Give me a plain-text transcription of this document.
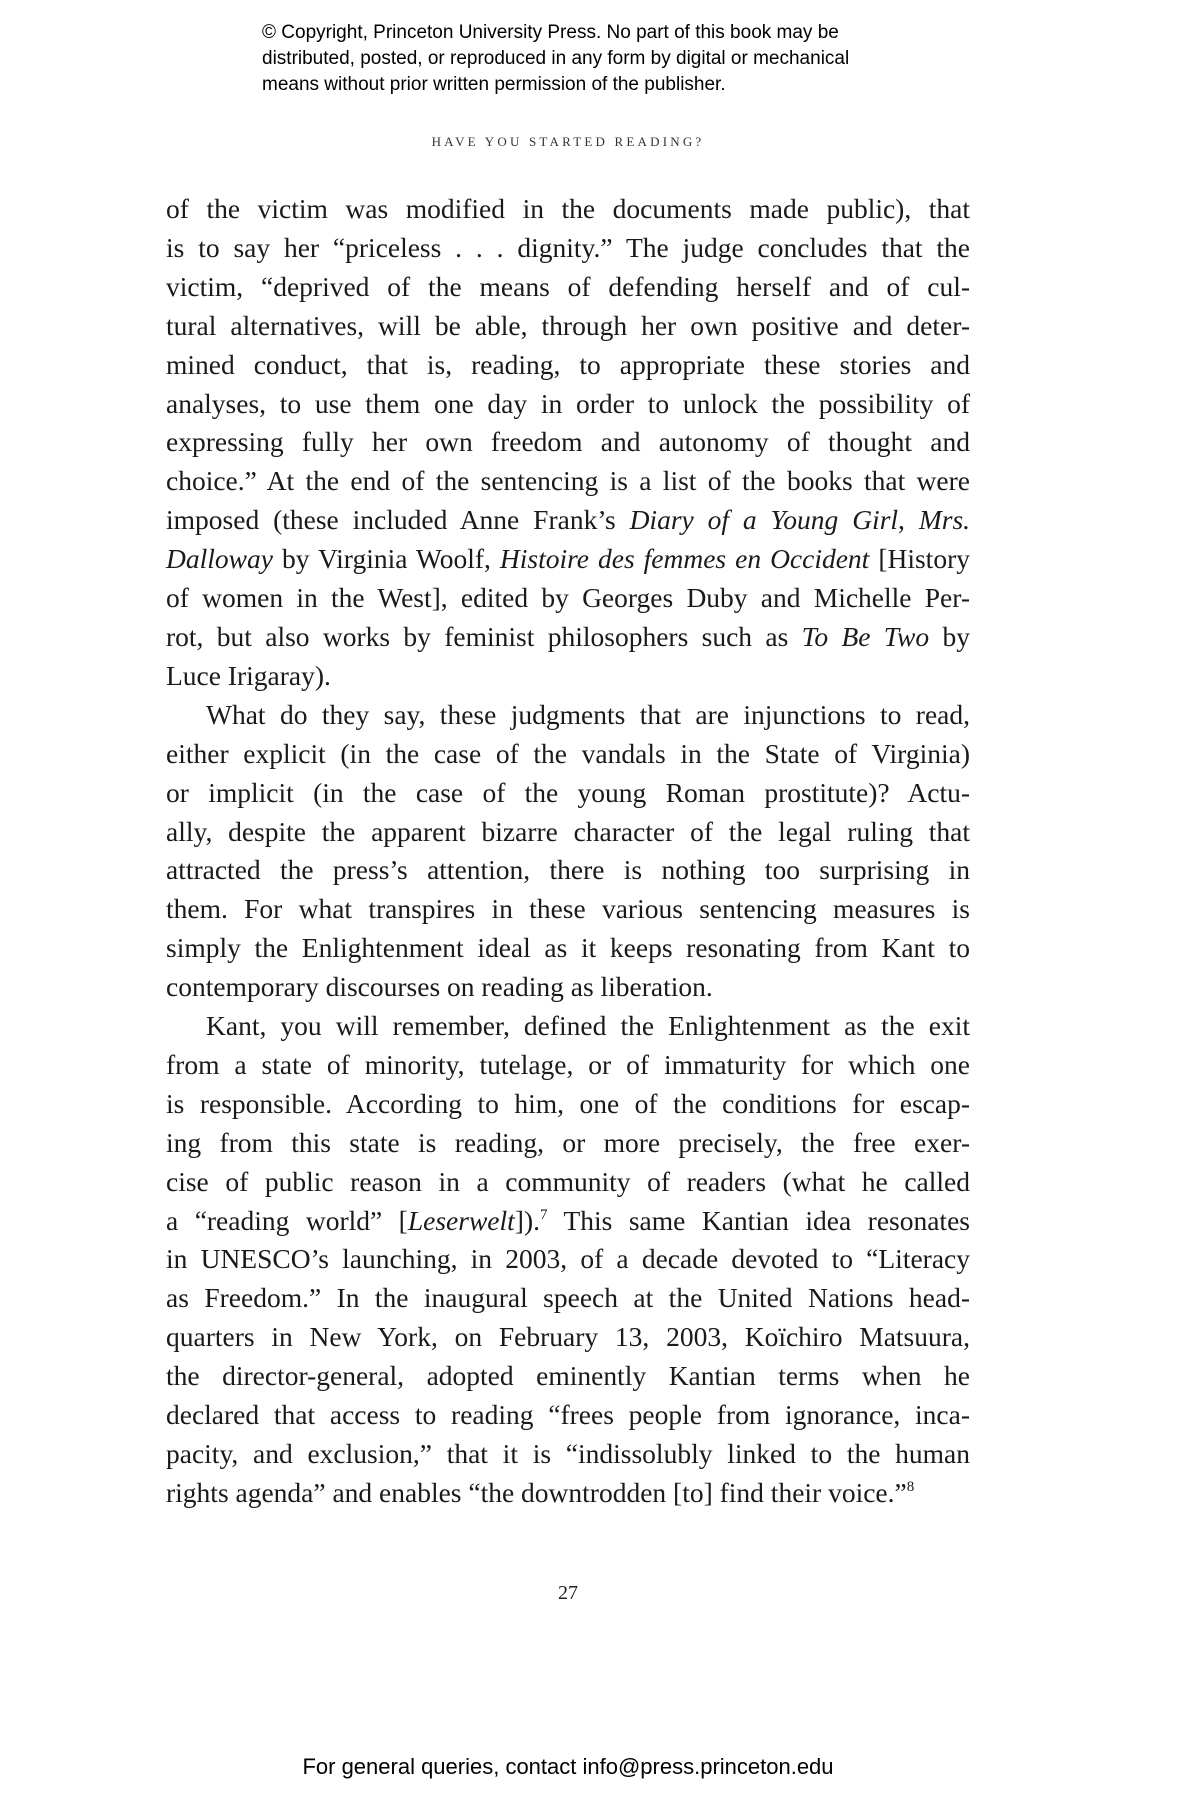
© Copyright, Princeton University Press. No part of this book may be
distributed, posted, or reproduced in any form by digital or mechanical
means without prior written permission of the publisher.
HAVE YOU STARTED READING?
of the victim was modified in the documents made public), that
is to say her “priceless . . . dignity.” The judge concludes that the
victim, “deprived of the means of defending herself and of cul-
tural alternatives, will be able, through her own positive and deter-
mined conduct, that is, reading, to appropriate these stories and
analyses, to use them one day in order to unlock the possibility of
expressing fully her own freedom and autonomy of thought and
choice.” At the end of the sentencing is a list of the books that were
imposed (these included Anne Frank’s Diary of a Young Girl, Mrs.
Dalloway by Virginia Woolf, Histoire des femmes en Occident [History
of women in the West], edited by Georges Duby and Michelle Per-
rot, but also works by feminist philosophers such as To Be Two by
Luce Irigaray).
What do they say, these judgments that are injunctions to read,
either explicit (in the case of the vandals in the State of Virginia)
or implicit (in the case of the young Roman prostitute)? Actu-
ally, despite the apparent bizarre character of the legal ruling that
attracted the press’s attention, there is nothing too surprising in
them. For what transpires in these various sentencing measures is
simply the Enlightenment ideal as it keeps resonating from Kant to
contemporary discourses on reading as liberation.
Kant, you will remember, defined the Enlightenment as the exit
from a state of minority, tutelage, or of immaturity for which one
is responsible. According to him, one of the conditions for escap-
ing from this state is reading, or more precisely, the free exer-
cise of public reason in a community of readers (what he called
a “reading world” [Leserwelt]).$^7$ This same Kantian idea resonates
in UNESCO’s launching, in 2003, of a decade devoted to “Literacy
as Freedom.” In the inaugural speech at the United Nations head-
quarters in New York, on February 13, 2003, Koïchiro Matsuura,
the director-general, adopted eminently Kantian terms when he
declared that access to reading “frees people from ignorance, inca-
pacity, and exclusion,” that it is “indissolubly linked to the human
rights agenda” and enables “the downtrodden [to] find their voice.”$^8$
27
For general queries, contact info@press.princeton.edu
